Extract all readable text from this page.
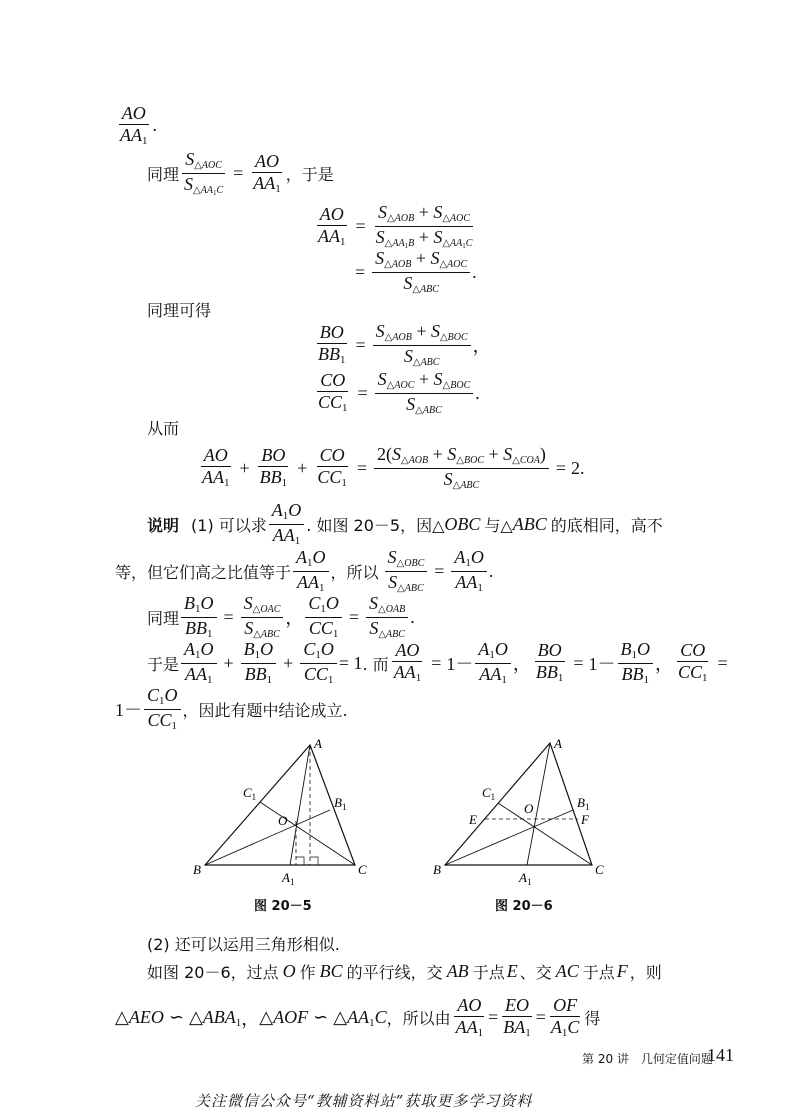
$\frac{AO}{AA_1}$ .
同理 $\frac{\text{S△AOC}}{S\triangle AA_1C} = \frac{AO}{AA_1}$ ，于是
$\frac{AO}{AA_1} = \frac{\text{S△AOB + S△AOC}}{S\triangle AA_1B + S\triangle AA_1C}$
= $\frac{\text{S△AOB + S△AOC}}{\text{S△ABC}}$ .
同理可得
$\frac{BO}{BB_1} = \frac{\text{S△AOB + S△BOC}}{\text{S△ABC}}$ ，
$\frac{CO}{CC_1} = \frac{\text{S△AOC + S△BOC}}{\text{S△ABC}}$ .
从而
$\frac{AO}{AA_1} + \frac{BO}{BB_1} + \frac{CO}{CC_1} = \frac{\text{2(S△AOB + S△BOC + S△COA)}}{\text{S△ABC}} = 2$.
说明 (1) 可以求 $\frac{A_1O}{AA_1}$ . 如图 20－5，因△ OBC 与△ ABC 的底相同，高不
等，但它们高之比值等于 $\frac{A_1O}{AA_1}$ ，所以 $\frac{\text{S△OBC}}{\text{S△ABC}} = \frac{A_1O}{AA_1}$ .
同理 $\frac{B_1O}{BB_1} = \frac{\text{S△OAC}}{\text{S△ABC}}$ ， $\frac{C_1O}{CC_1} = \frac{\text{S△OAB}}{\text{S△ABC}}$ .
于是 $\frac{A_1O}{AA_1} + \frac{B_1O}{BB_1} + \frac{C_1O}{CC_1} = 1$ . 而 $\frac{AO}{AA_1} = 1- \frac{A_1O}{AA_1}$ ， $\frac{BO}{BB_1} = 1- \frac{B_1O}{BB_1}$ ， $\frac{CO}{CC_1}$ =
$1- \frac{C_1O}{CC_1}$ ，因此有题中结论成立.
A
B	C
$C_1$	$B_1$
O
$A_1$
A
B	C
$C_1$	$B_1$
O
E	F
$A_1$
图 20－5	图 20－6
(2) 还可以运用三角形相似.
如图 20－6，过点 O 作 BC 的平行线，交 AB 于点 E 、交 AC 于点 F ，则
△AEO ∽ $\triangle ABA_1$ ， △AOF ∽ $\triangle AA_1C$ ，所以由 $\frac{AO}{AA_1} = \frac{EO}{BA_1} = \frac{OF}{A_1C}$ 得
第 20 讲　几何定值问题
141
关注微信公众号“教辅资料站”获取更多学习资料
